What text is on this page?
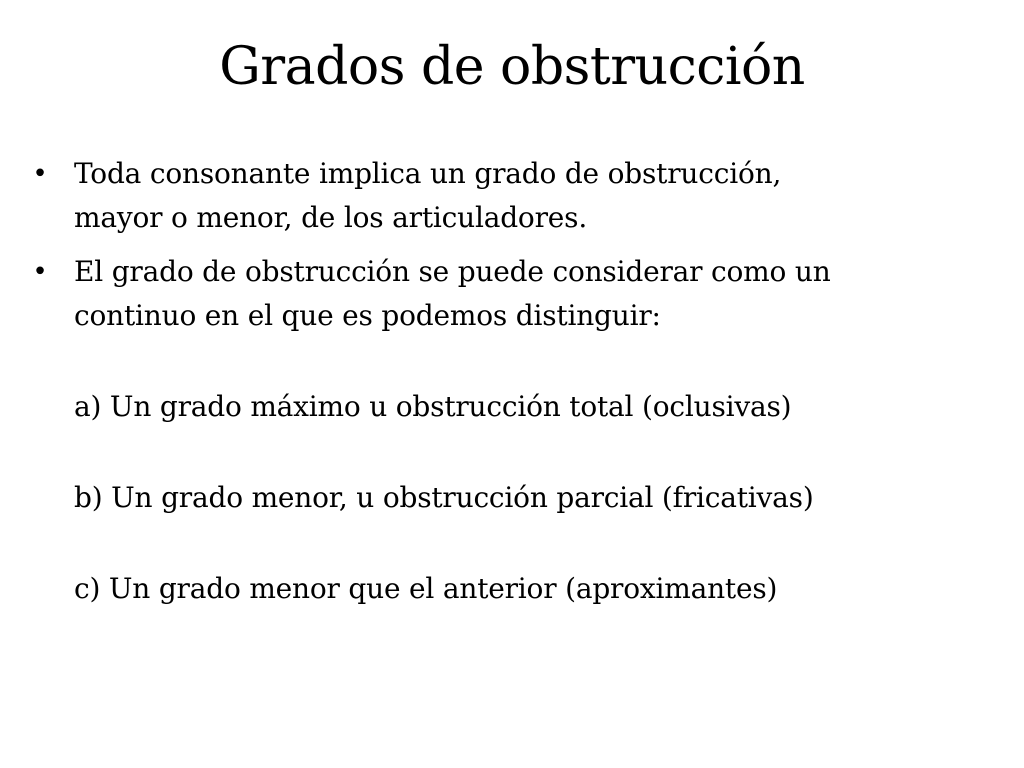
Grados de obstrucción
• Toda consonante implica un grado de obstrucción,
mayor o menor, de los articuladores.
• El grado de obstrucción se puede considerar como un
continuo en el que es podemos distinguir:
a) Un grado máximo u obstrucción total (oclusivas)
b) Un grado menor, u obstrucción parcial (fricativas)
c) Un grado menor que el anterior (aproximantes)
